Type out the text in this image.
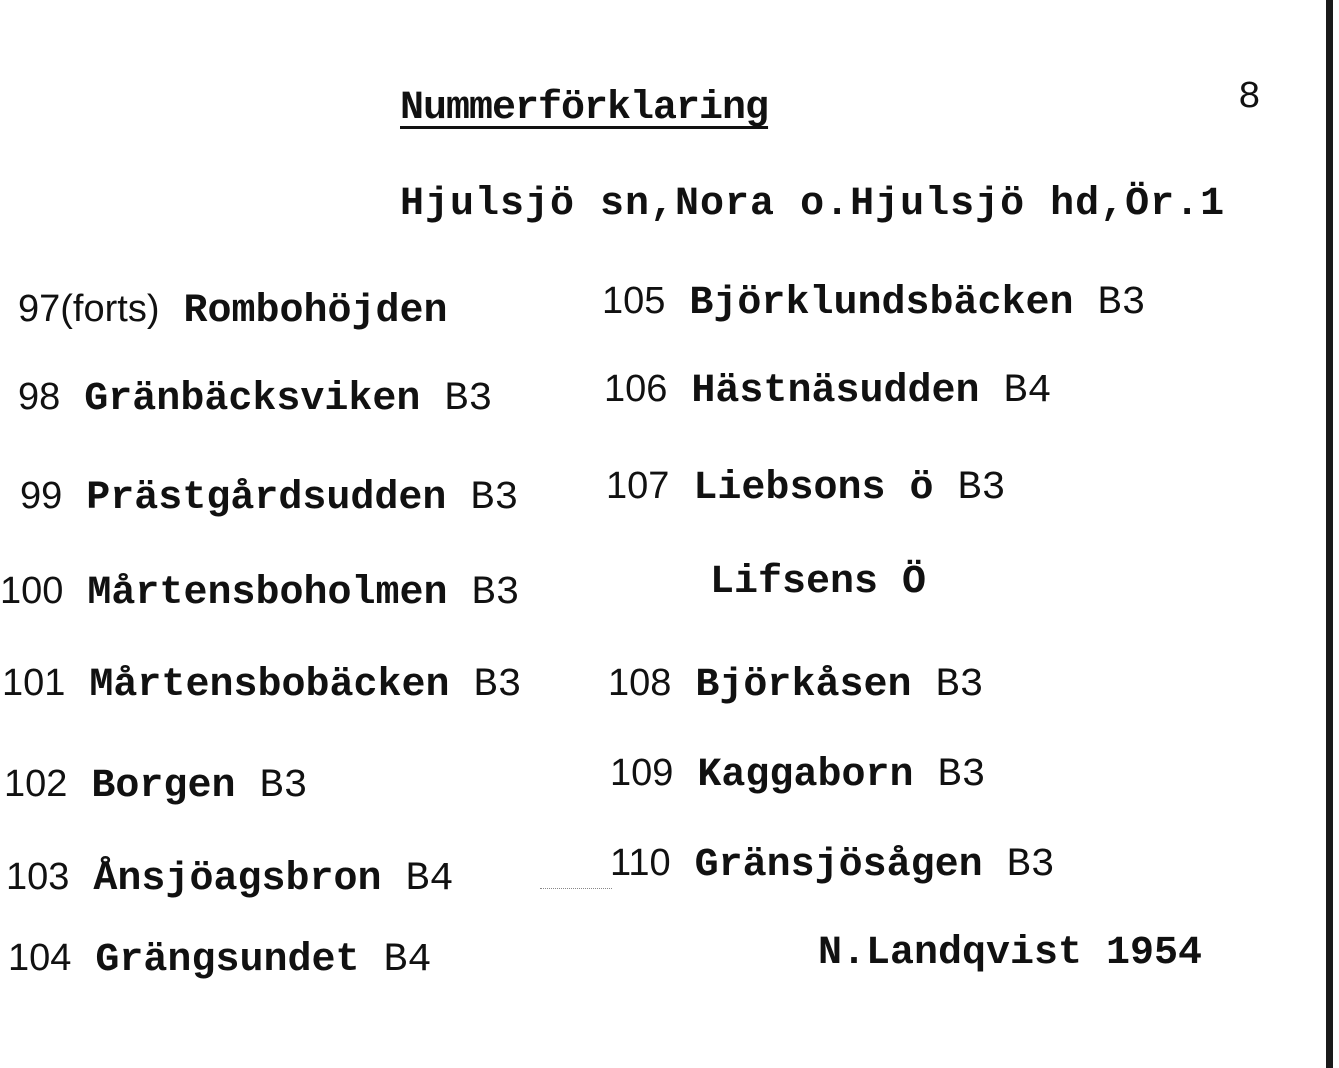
Nummerförklaring	8
Hjulsjö sn,Nora o.Hjulsjö hd,Ör.1
97(forts) Rombohöjden
98 Gränbäcksviken B3
99 Prästgårdsudden B3
100 Mårtensboholmen B3
101 Mårtensbobäcken B3
102 Borgen B3
103 Ånsjöagsbron B4
104 Grängsundet B4
105 Björklundsbäcken B3
106 Hästnäsudden B4
107 Liebsons ö B3
Lifsens Ö
108 Björkåsen B3
109 Kaggaborn B3
110 Gränsjösågen B3
N.Landqvist 1954
